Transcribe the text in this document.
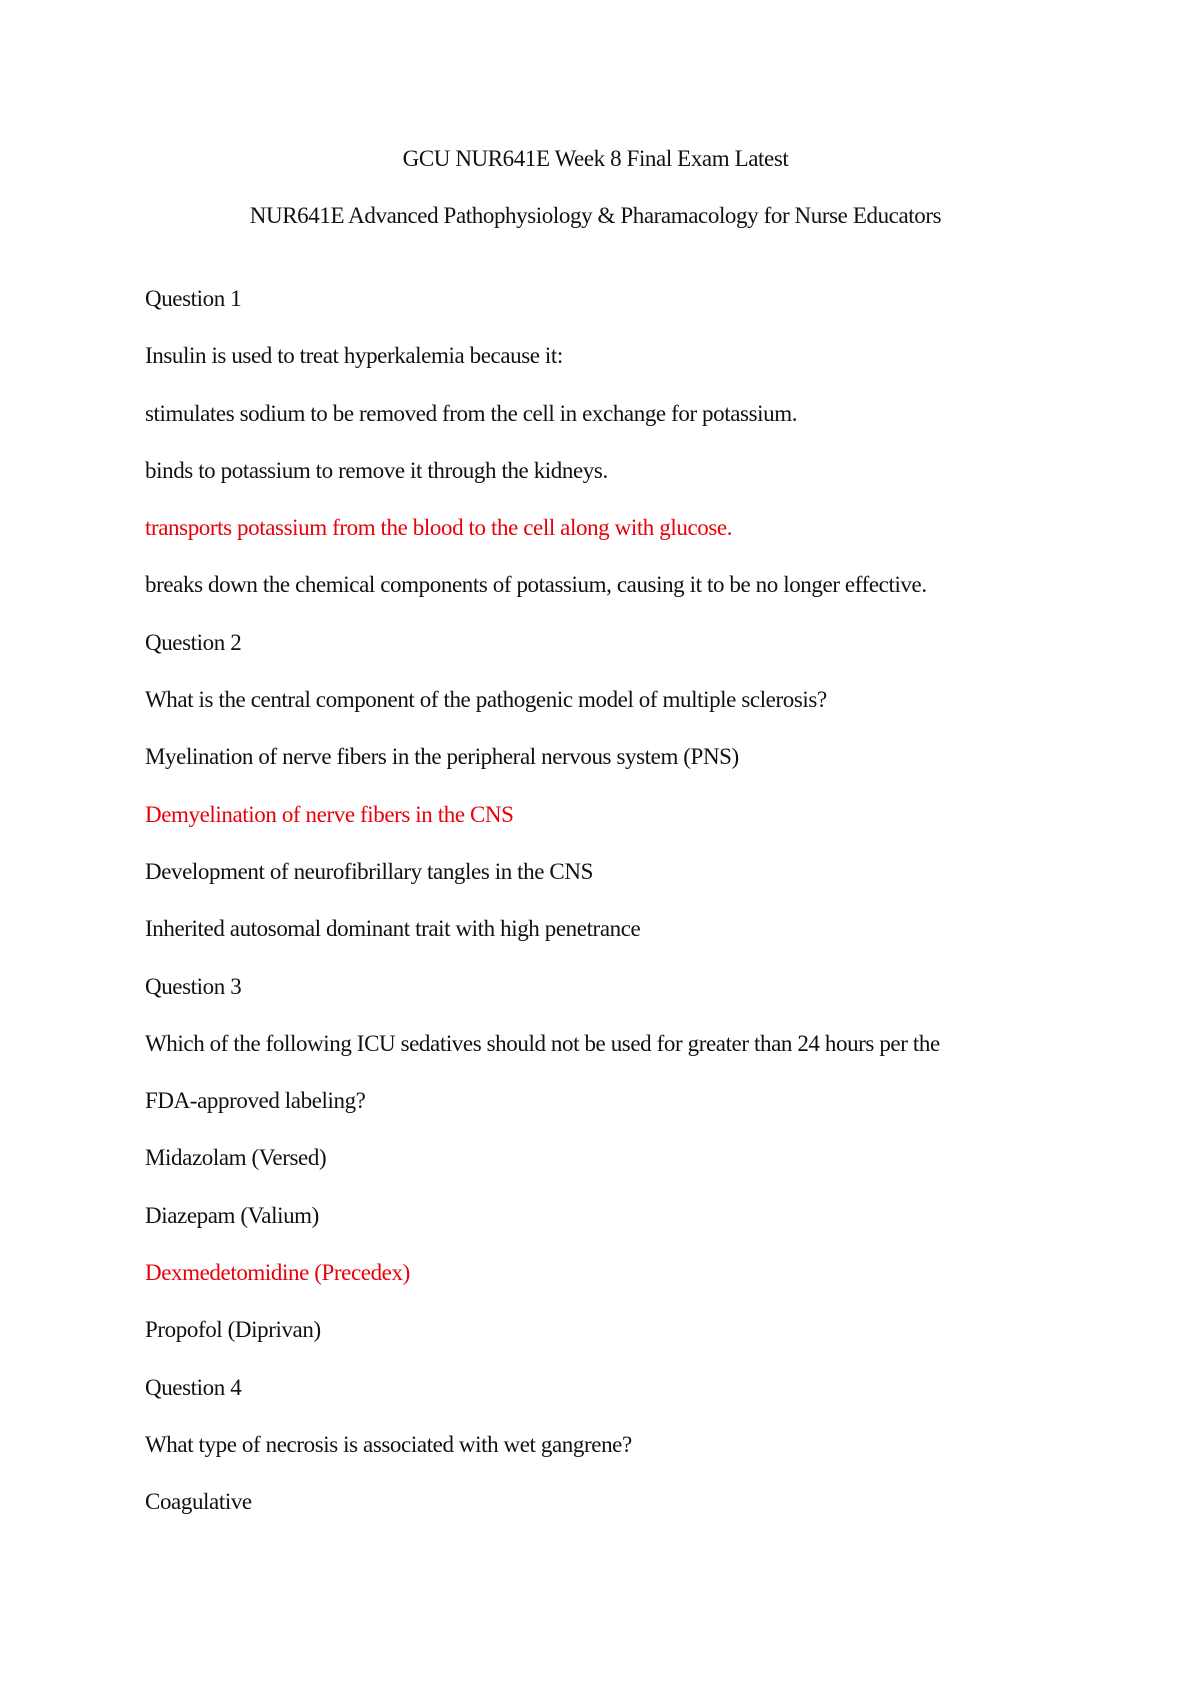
GCU NUR641E Week 8 Final Exam Latest
NUR641E Advanced Pathophysiology & Pharamacology for Nurse Educators
Question 1
Insulin is used to treat hyperkalemia because it:
stimulates sodium to be removed from the cell in exchange for potassium.
binds to potassium to remove it through the kidneys.
transports potassium from the blood to the cell along with glucose.
breaks down the chemical components of potassium, causing it to be no longer effective.
Question 2
What is the central component of the pathogenic model of multiple sclerosis?
Myelination of nerve fibers in the peripheral nervous system (PNS)
Demyelination of nerve fibers in the CNS
Development of neurofibrillary tangles in the CNS
Inherited autosomal dominant trait with high penetrance
Question 3
Which of the following ICU sedatives should not be used for greater than 24 hours per the
FDA-approved labeling?
Midazolam (Versed)
Diazepam (Valium)
Dexmedetomidine (Precedex)
Propofol (Diprivan)
Question 4
What type of necrosis is associated with wet gangrene?
Coagulative
